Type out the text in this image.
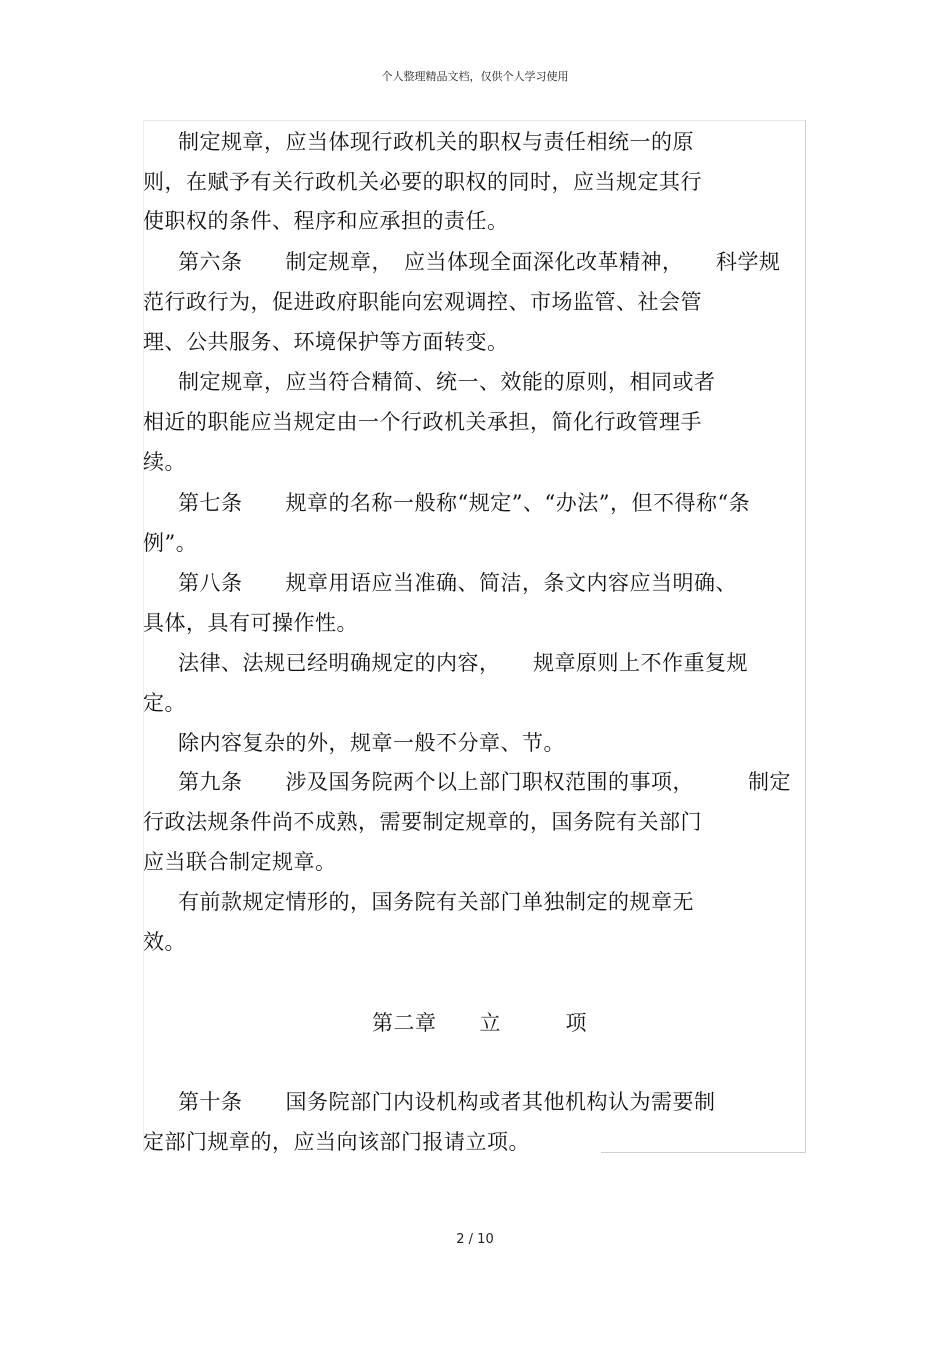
个人整理精品文档，仅供个人学习使用
制定规章，应当体现行政机关的职权与责任相统一的原
则，在赋予有关行政机关必要的职权的同时，应当规定其行
使职权的条件、程序和应承担的责任。
第六条　　制定规章，　应当体现全面深化改革精神，　　科学规
范行政行为，促进政府职能向宏观调控、市场监管、社会管
理、公共服务、环境保护等方面转变。
制定规章，应当符合精简、统一、效能的原则，相同或者
相近的职能应当规定由一个行政机关承担，简化行政管理手
续。
第七条　　规章的名称一般称“规定”、“办法”，但不得称“条
例”。
第八条　　规章用语应当准确、简洁，条文内容应当明确、
具体，具有可操作性。
法律、法规已经明确规定的内容，　　规章原则上不作重复规
定。
除内容复杂的外，规章一般不分章、节。
第九条　　涉及国务院两个以上部门职权范围的事项，　　　制定
行政法规条件尚不成熟，需要制定规章的，国务院有关部门
应当联合制定规章。
有前款规定情形的，国务院有关部门单独制定的规章无
效。
第二章　　立　　　项
第十条　　国务院部门内设机构或者其他机构认为需要制
定部门规章的，应当向该部门报请立项。
2 / 10
